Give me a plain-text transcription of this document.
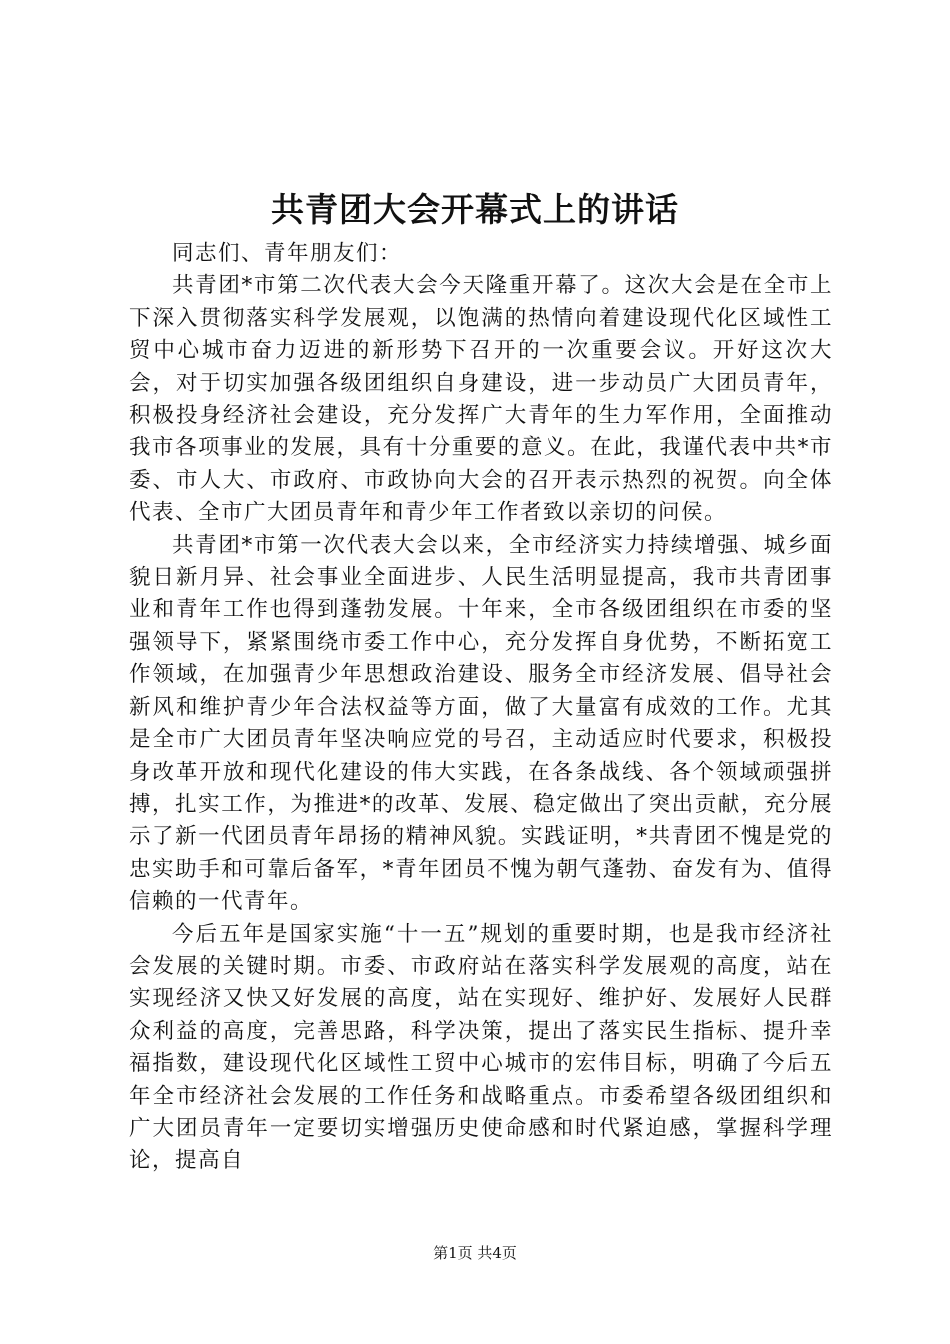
共青团大会开幕式上的讲话

同志们、青年朋友们：

共青团*市第二次代表大会今天隆重开幕了。这次大会是在全市上下深入贯彻落实科学发展观，以饱满的热情向着建设现代化区域性工贸中心城市奋力迈进的新形势下召开的一次重要会议。开好这次大会，对于切实加强各级团组织自身建设，进一步动员广大团员青年，积极投身经济社会建设，充分发挥广大青年的生力军作用，全面推动我市各项事业的发展，具有十分重要的意义。在此，我谨代表中共*市委、市人大、市政府、市政协向大会的召开表示热烈的祝贺。向全体代表、全市广大团员青年和青少年工作者致以亲切的问侯。

共青团*市第一次代表大会以来，全市经济实力持续增强、城乡面貌日新月异、社会事业全面进步、人民生活明显提高，我市共青团事业和青年工作也得到蓬勃发展。十年来，全市各级团组织在市委的坚强领导下，紧紧围绕市委工作中心，充分发挥自身优势，不断拓宽工作领域，在加强青少年思想政治建设、服务全市经济发展、倡导社会新风和维护青少年合法权益等方面，做了大量富有成效的工作。尤其是全市广大团员青年坚决响应党的号召，主动适应时代要求，积极投身改革开放和现代化建设的伟大实践，在各条战线、各个领域顽强拼搏，扎实工作，为推进*的改革、发展、稳定做出了突出贡献，充分展示了新一代团员青年昂扬的精神风貌。实践证明，*共青团不愧是党的忠实助手和可靠后备军，*青年团员不愧为朝气蓬勃、奋发有为、值得信赖的一代青年。

今后五年是国家实施“十一五”规划的重要时期，也是我市经济社会发展的关键时期。市委、市政府站在落实科学发展观的高度，站在实现经济又快又好发展的高度，站在实现好、维护好、发展好人民群众利益的高度，完善思路，科学决策，提出了落实民生指标、提升幸福指数，建设现代化区域性工贸中心城市的宏伟目标，明确了今后五年全市经济社会发展的工作任务和战略重点。市委希望各级团组织和广大团员青年一定要切实增强历史使命感和时代紧迫感，掌握科学理论，提高自

第1页 共4页
